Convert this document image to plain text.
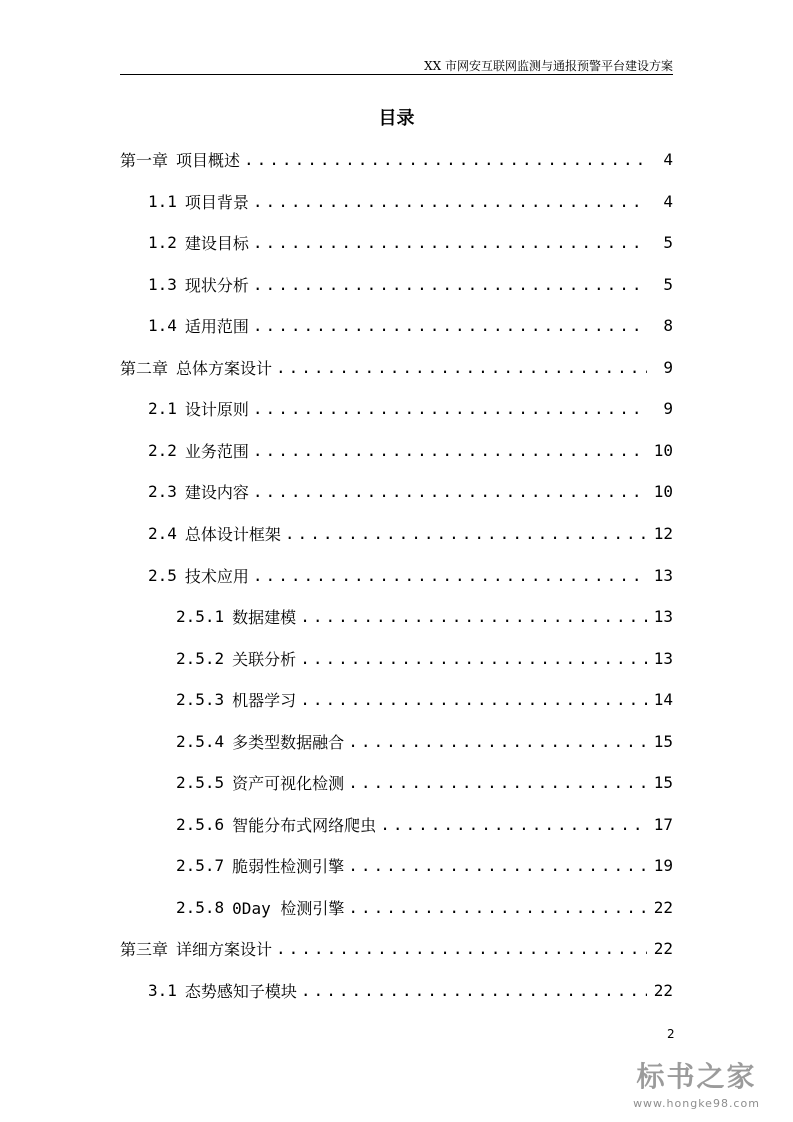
XX 市网安互联网监测与通报预警平台建设方案
目录
第一章 项目概述 .....	4
1.1 项目背景 .....	4
1.2 建设目标 .....	5
1.3 现状分析 .....	5
1.4 适用范围 .....	8
第二章 总体方案设计 .....	9
2.1 设计原则 .....	9
2.2 业务范围 .....	10
2.3 建设内容 .....	10
2.4 总体设计框架 .....	12
2.5 技术应用 .....	13
2.5.1 数据建模 .....	13
2.5.2 关联分析 .....	13
2.5.3 机器学习 .....	14
2.5.4 多类型数据融合 .....	15
2.5.5 资产可视化检测 .....	15
2.5.6 智能分布式网络爬虫 .....	17
2.5.7 脆弱性检测引擎 .....	19
2.5.8 0Day 检测引擎 .....	22
第三章 详细方案设计 .....	22
3.1 态势感知子模块 .....	22
2
标书之家
www.hongke98.com
